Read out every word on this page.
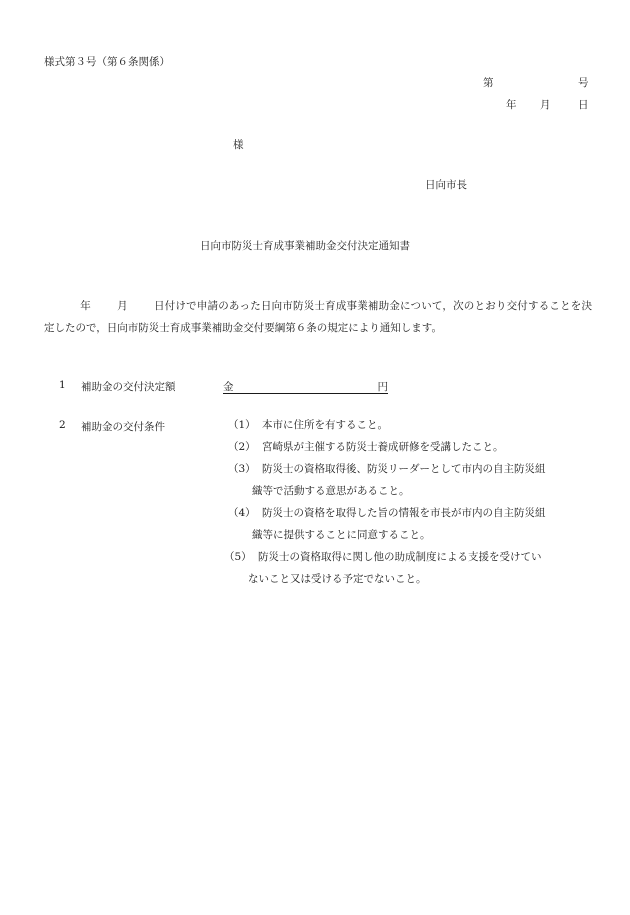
様式第３号（第６条関係）
第	号
年 月	日
様
日向市長
日向市防災士育成事業補助金交付決定通知書
年 月 日付けで申請のあった日向市防災士育成事業補助金について，次のとおり交付することを決定したので，日向市防災士育成事業補助金交付要綱第６条の規定により通知します。
1 補助金の交付決定額	金	円
2 補助金の交付条件	（1） 本市に住所を有すること。
（2） 宮崎県が主催する防災士養成研修を受講したこと。
（3） 防災士の資格取得後、防災リーダーとして市内の自主防災組
織等で活動する意思があること。
（4） 防災士の資格を取得した旨の情報を市長が市内の自主防災組
織等に提供することに同意すること。
（5） 防災士の資格取得に関し他の助成制度による支援を受けてい
ないこと又は受ける予定でないこと。
